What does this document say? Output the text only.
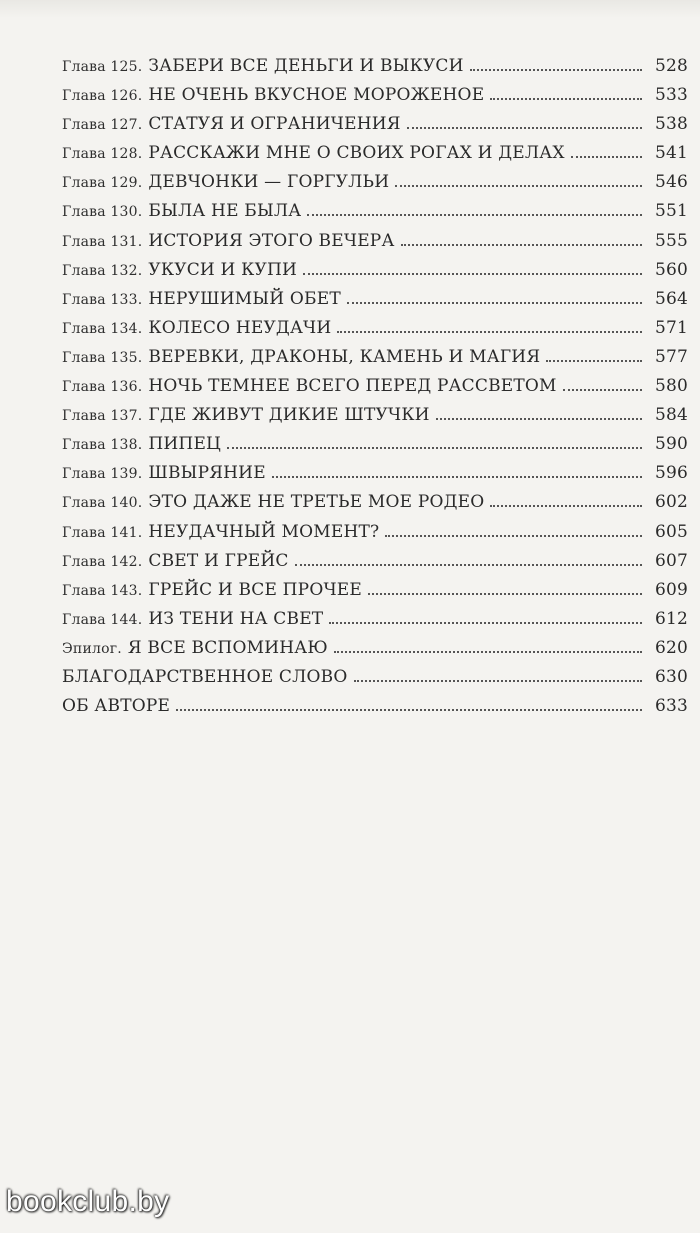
Глава 125. ЗАБЕРИ ВСЕ ДЕНЬГИ И ВЫКУСИ	528
Глава 126. НЕ ОЧЕНЬ ВКУСНОЕ МОРОЖЕНОЕ	533
Глава 127. СТАТУЯ И ОГРАНИЧЕНИЯ	538
Глава 128. РАССКАЖИ МНЕ О СВОИХ РОГАХ И ДЕЛАХ	541
Глава 129. ДЕВЧОНКИ — ГОРГУЛЬИ	546
Глава 130. БЫЛА НЕ БЫЛА	551
Глава 131. ИСТОРИЯ ЭТОГО ВЕЧЕРА	555
Глава 132. УКУСИ И КУПИ	560
Глава 133. НЕРУШИМЫЙ ОБЕТ	564
Глава 134. КОЛЕСО НЕУДАЧИ	571
Глава 135. ВЕРЕВКИ, ДРАКОНЫ, КАМЕНЬ И МАГИЯ	577
Глава 136. НОЧЬ ТЕМНЕЕ ВСЕГО ПЕРЕД РАССВЕТОМ	580
Глава 137. ГДЕ ЖИВУТ ДИКИЕ ШТУЧКИ	584
Глава 138. ПИПЕЦ	590
Глава 139. ШВЫРЯНИЕ	596
Глава 140. ЭТО ДАЖЕ НЕ ТРЕТЬЕ МОЕ РОДЕО	602
Глава 141. НЕУДАЧНЫЙ МОМЕНТ?	605
Глава 142. СВЕТ И ГРЕЙС	607
Глава 143. ГРЕЙС И ВСЕ ПРОЧЕЕ	609
Глава 144. ИЗ ТЕНИ НА СВЕТ	612
Эпилог. Я ВСЕ ВСПОМИНАЮ	620
БЛАГОДАРСТВЕННОЕ СЛОВО	630
ОБ АВТОРЕ	633
bookclub.by
